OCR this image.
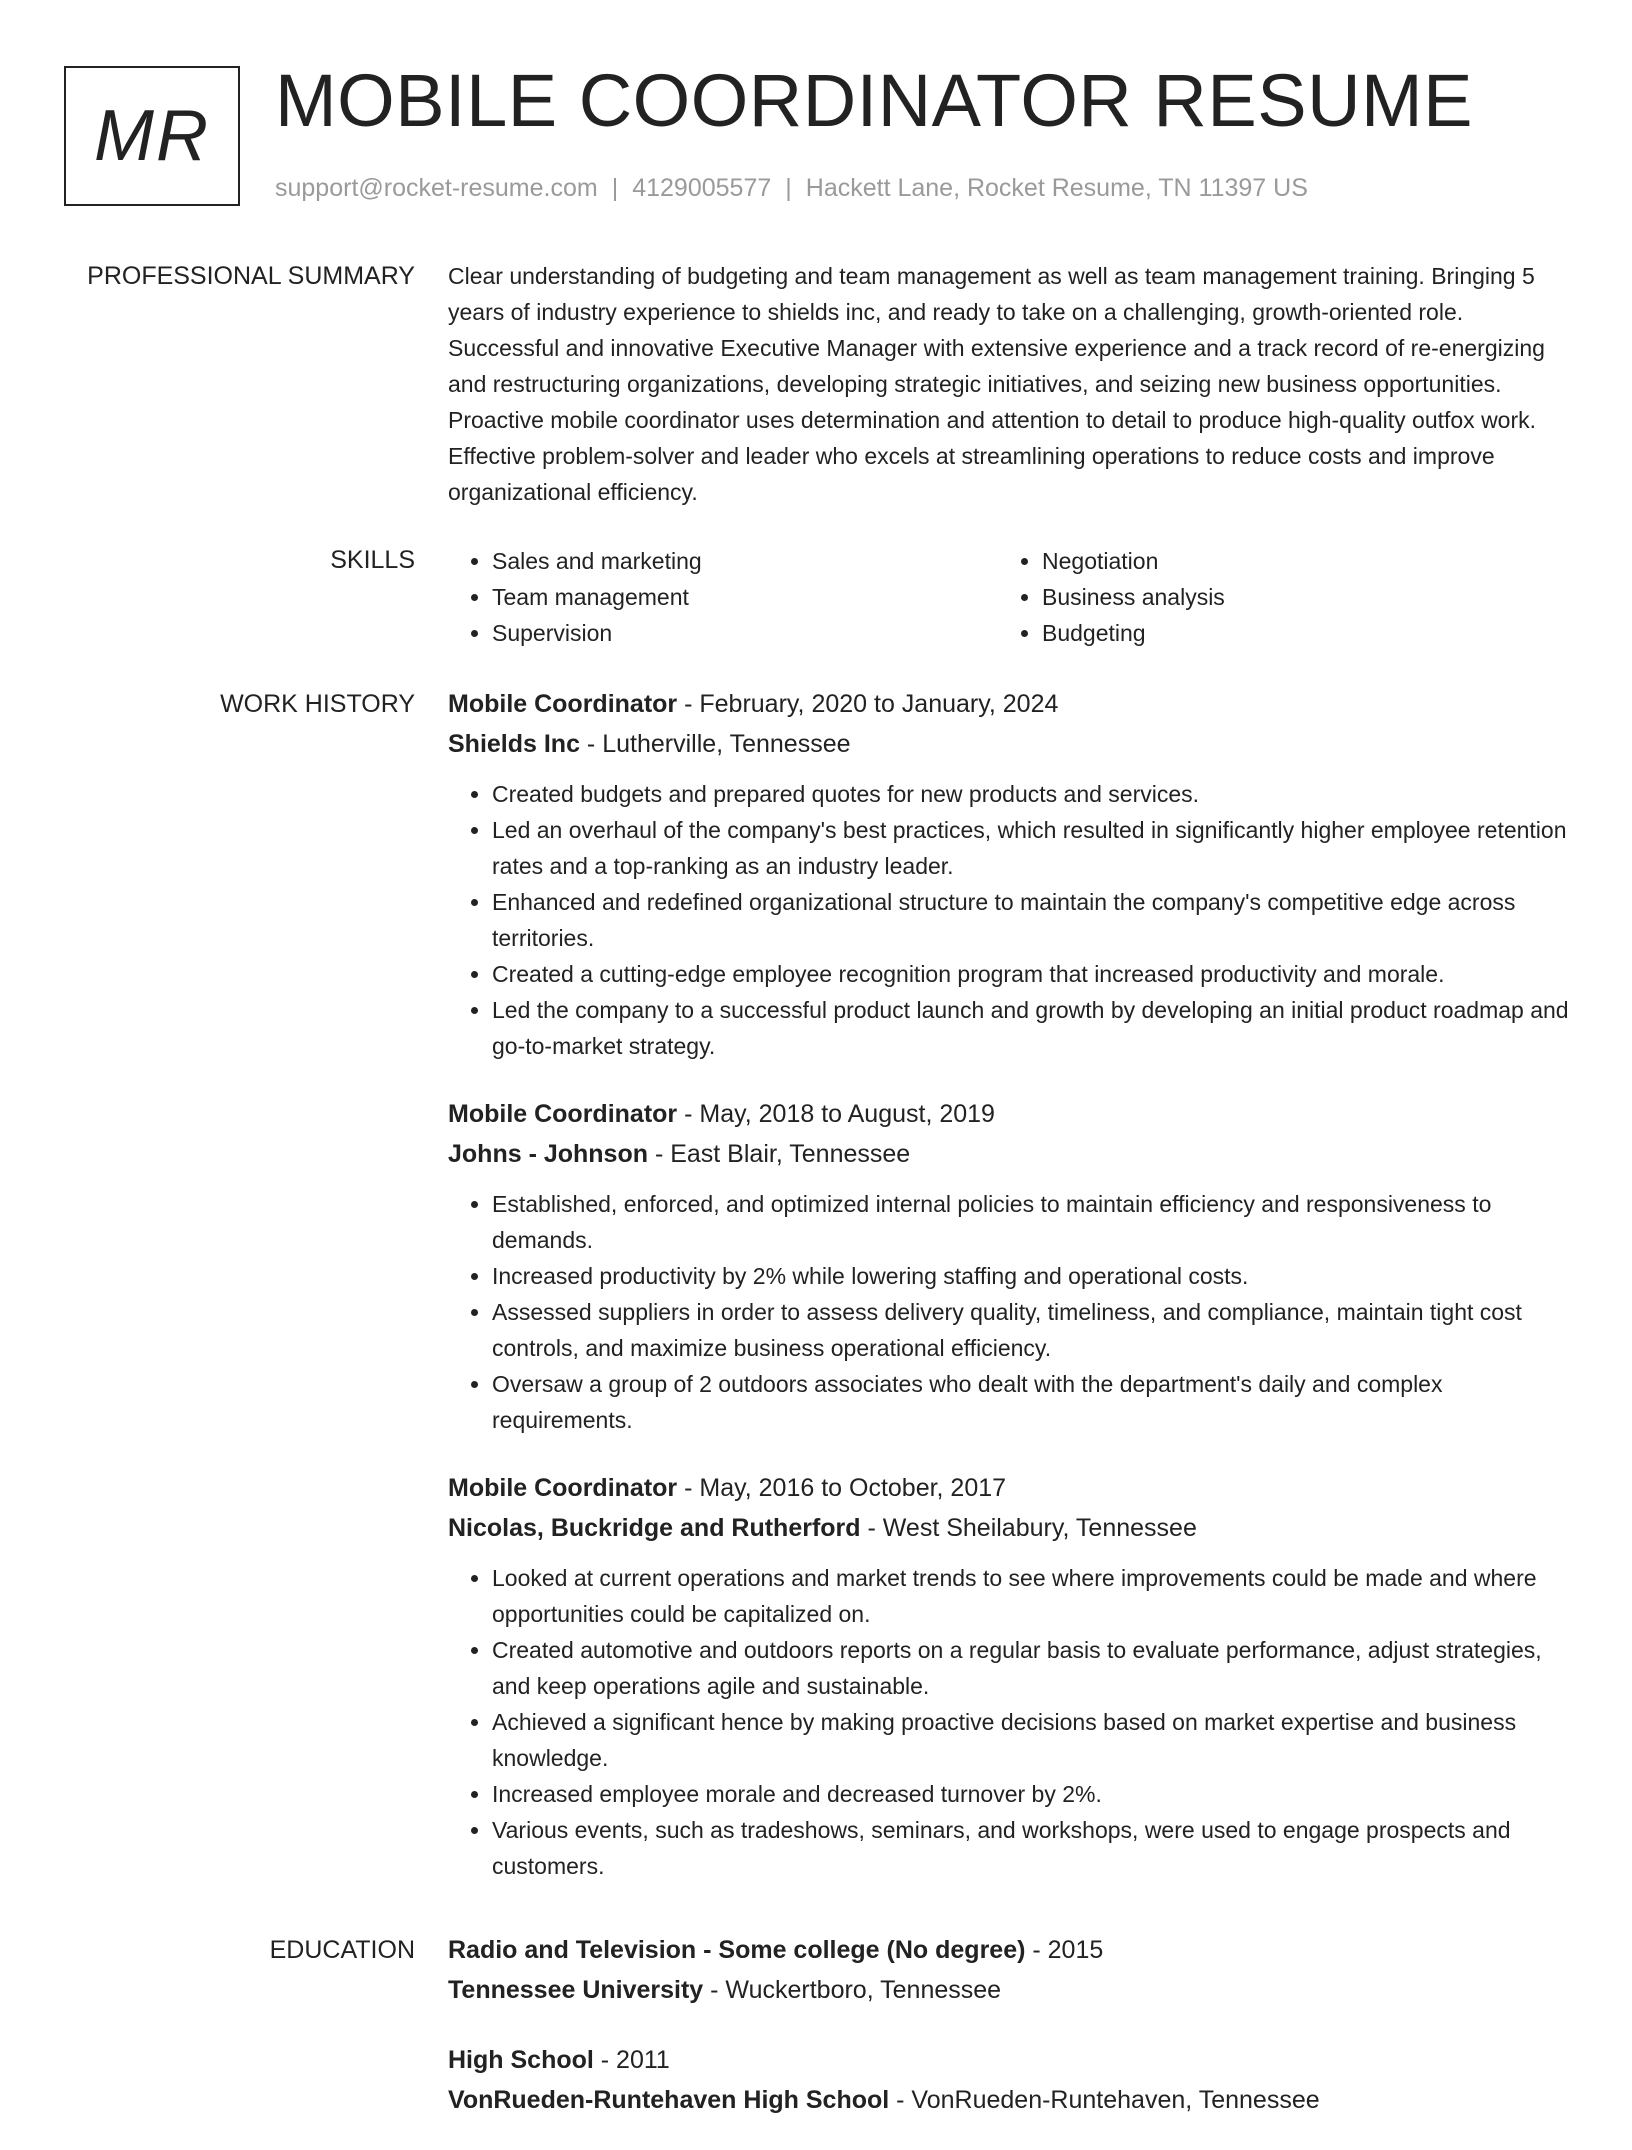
MR MOBILE COORDINATOR RESUME
support@rocket-resume.com | 4129005577 | Hackett Lane, Rocket Resume, TN 11397 US
PROFESSIONAL SUMMARY Clear understanding of budgeting and team management as well as team management training. Bringing 5 years of industry experience to shields inc, and ready to take on a challenging, growth-oriented role. Successful and innovative Executive Manager with extensive experience and a track record of re-energizing and restructuring organizations, developing strategic initiatives, and seizing new business opportunities. Proactive mobile coordinator uses determination and attention to detail to produce high-quality outfox work. Effective problem-solver and leader who excels at streamlining operations to reduce costs and improve organizational efficiency.

SKILLS
•	Sales and marketing
• Team management
• Supervision
• Negotiation
• Business analysis
• Budgeting
WORK HISTORY Mobile Coordinator - February, 2020 to January, 2024
Shields Inc - Lutherville, Tennessee
• Created budgets and prepared quotes for new products and services.
• Led an overhaul of the company's best practices, which resulted in significantly higher employee retention rates and a top-ranking as an industry leader.
• Enhanced and redefined organizational structure to maintain the company's competitive edge across territories.
• Created a cutting-edge employee recognition program that increased productivity and morale.
• Led the company to a successful product launch and growth by developing an initial product roadmap and go-to-market strategy.
Mobile Coordinator - May, 2018 to August, 2019
Johns - Johnson - East Blair, Tennessee
• Established, enforced, and optimized internal policies to maintain efficiency and responsiveness to demands.
• Increased productivity by 2% while lowering staffing and operational costs.
• Assessed suppliers in order to assess delivery quality, timeliness, and compliance, maintain tight cost controls, and maximize business operational efficiency.
• Oversaw a group of 2 outdoors associates who dealt with the department's daily and complex requirements.
Mobile Coordinator - May, 2016 to October, 2017
Nicolas, Buckridge and Rutherford - West Sheilabury, Tennessee
• Looked at current operations and market trends to see where improvements could be made and where opportunities could be capitalized on.
• Created automotive and outdoors reports on a regular basis to evaluate performance, adjust strategies, and keep operations agile and sustainable.
• Achieved a significant hence by making proactive decisions based on market expertise and business knowledge.
• Increased employee morale and decreased turnover by 2%.
• Various events, such as tradeshows, seminars, and workshops, were used to engage prospects and customers.
EDUCATION Radio and Television - Some college (No degree) - 2015
Tennessee University - Wuckertboro, Tennessee
High School - 2011
VonRueden-Runtehaven High School - VonRueden-Runtehaven, Tennessee
